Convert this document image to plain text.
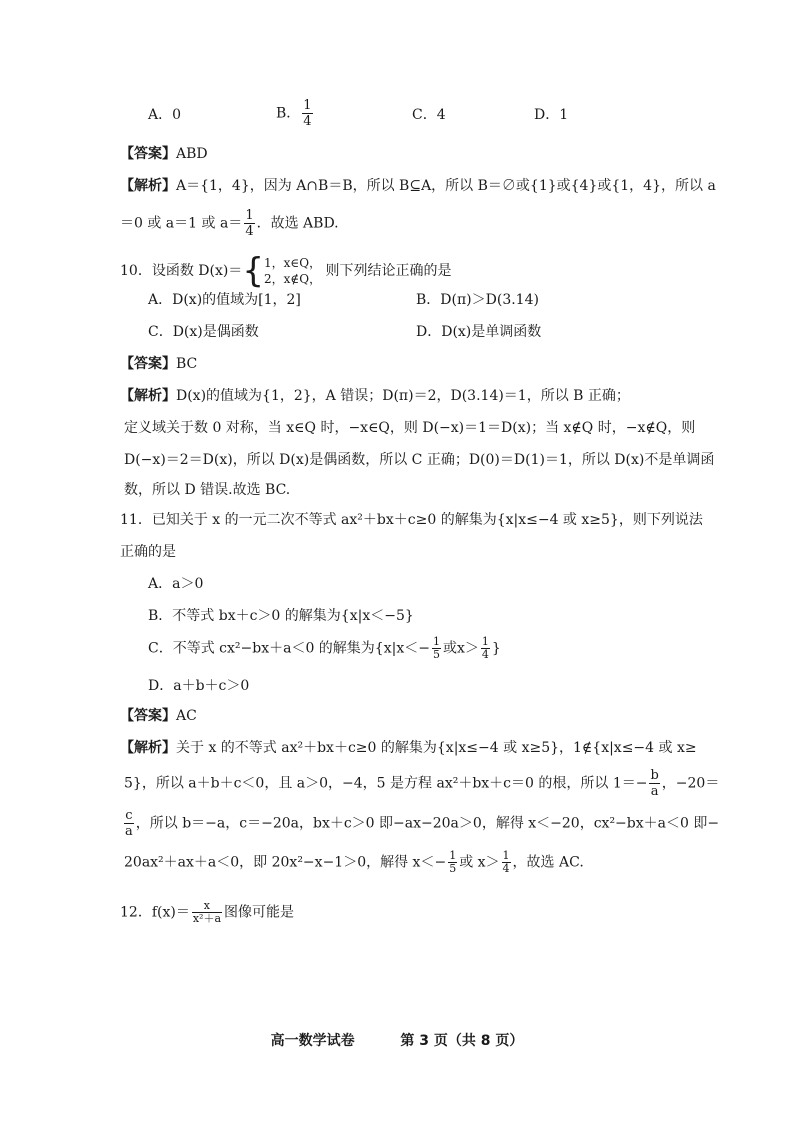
A．0	B． $\frac{1}{4}$	C．4	D．1
【答案】ABD
【解析】A＝{1，4}，因为 A∩B＝B，所以 B⊆A，所以 B＝∅或{1}或{4}或{1，4}，所以 a
＝0 或 a＝1 或 $a= \frac{1}{4}$ ．故选 ABD.
10．设函数 D(x)＝{ 1，x∈Q，
2，x∉Q， 则下列结论正确的是
A．D(x)的值域为[1，2]	B．D(π)＞D(3.14)
C．D(x)是偶函数	D．D(x)是单调函数
【答案】BC
【解析】D(x)的值域为{1，2}，A 错误；D(π)＝2，D(3.14)＝1，所以 B 正确；
定义域关于数 0 对称，当 x∈Q 时，−x∈Q，则 D(−x)＝1＝D(x)；当 x∉Q 时，−x∉Q，则
D(−x)＝2＝D(x)，所以 D(x)是偶函数，所以 C 正确；D(0)＝D(1)＝1，所以 D(x)不是单调函
数，所以 D 错误.故选 BC.
11．已知关于 x 的一元二次不等式 ax²＋bx＋c≥0 的解集为{x|x≤−4 或 x≥5}，则下列说法
正确的是
A．a＞0
B．不等式 bx＋c＞0 的解集为{x|x＜−5}
C．不等式 cx²−bx＋a＜0 的解集为{$x|x<- \frac{1}{5}$ 或$x> \frac{1}{4}$ }
D．a＋b＋c＞0
【答案】AC
【解析】关于 x 的不等式 ax²＋bx＋c≥0 的解集为{x|x≤−4 或 x≥5}，1∉{x|x≤−4 或 x≥
5}，所以 a＋b＋c＜0，且 a＞0，−4，5 是方程 ax²＋bx＋c＝0 的根，所以 $1=- \frac{b}{a}$ ，−20＝
$\frac{c}{a}$ ，所以 b＝−a，c＝−20a，bx＋c＞0 即−ax−20a＞0，解得 x＜−20，cx²−bx＋a＜0 即−
20ax²＋ax＋a＜0，即 20x²−x−1＞0，解得 $x<- \frac{1}{5}$ 或 $x> \frac{1}{4}$ ，故选 AC.
12．$f(x)= \frac{x}{\text{x²＋a}}$ 图像可能是
高一数学试卷	第 3 页（共 8 页）
